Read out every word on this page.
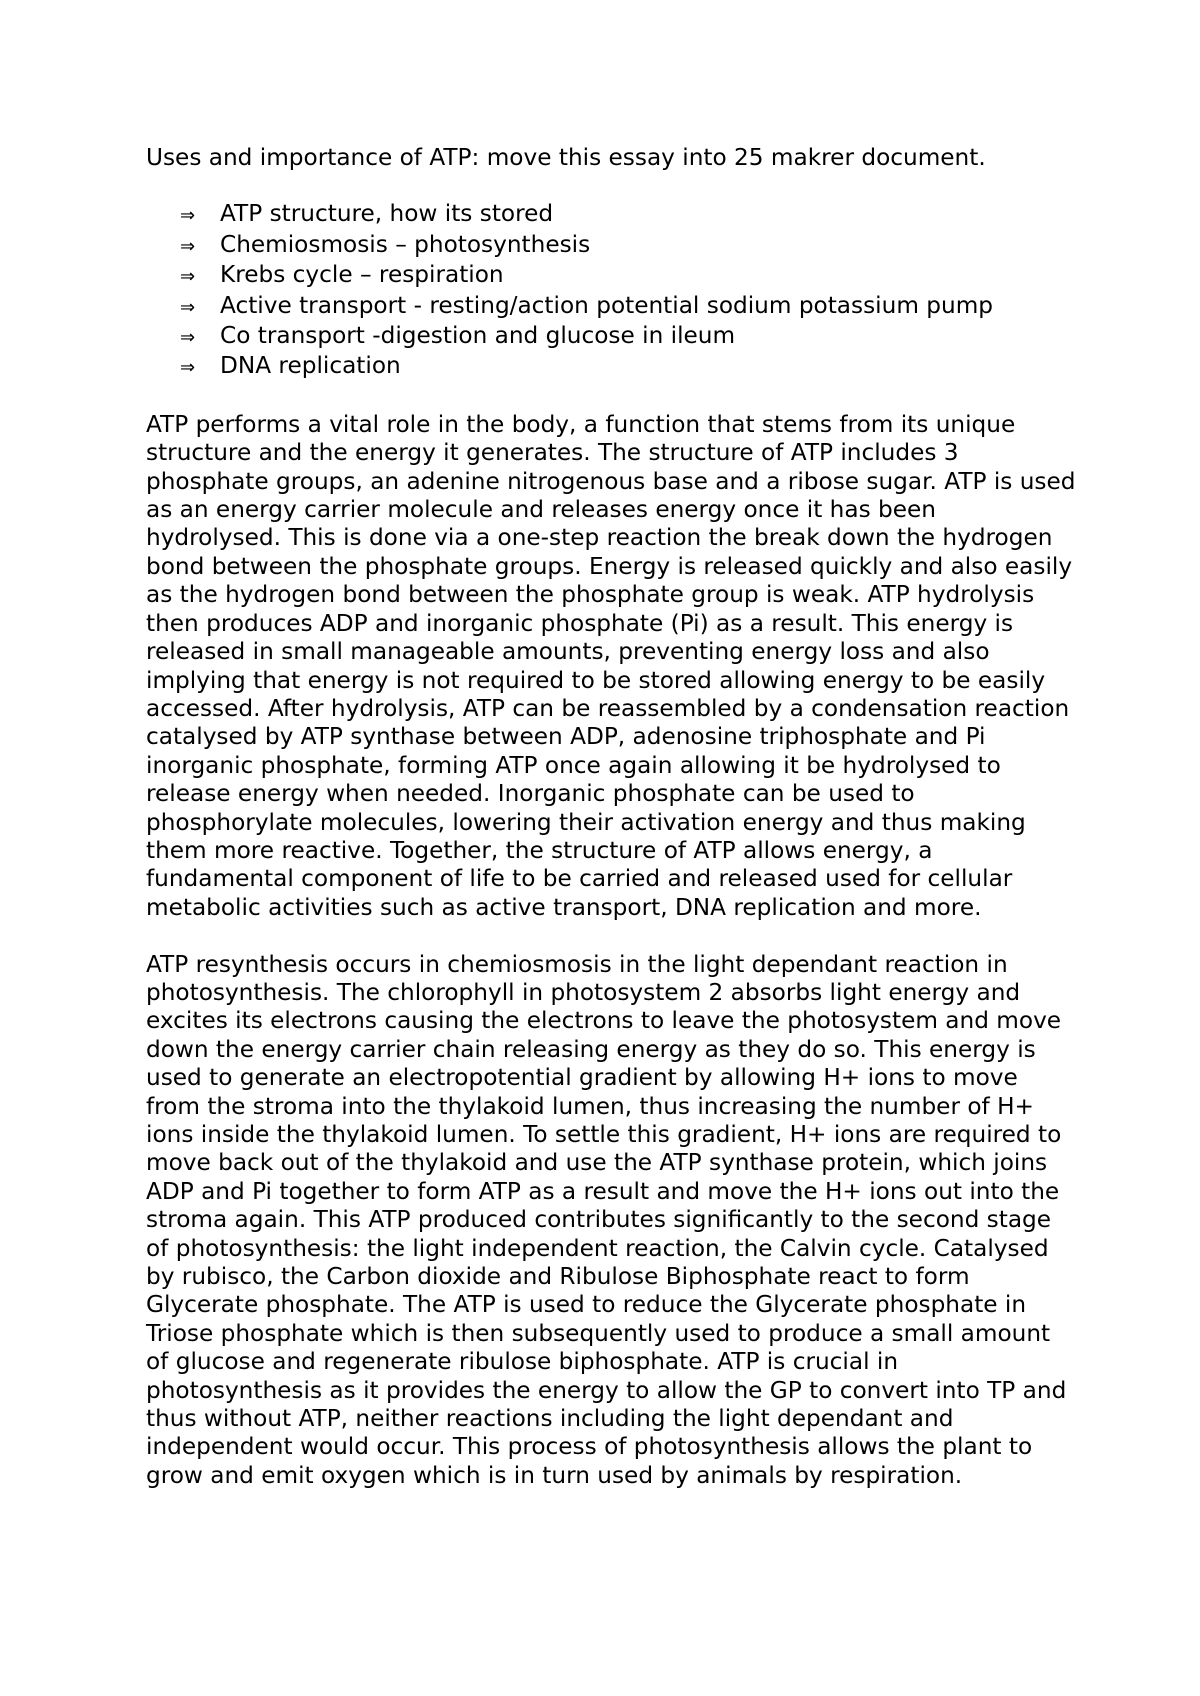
Uses and importance of ATP: move this essay into 25 makrer document.
⇒	ATP structure, how its stored
⇒	Chemiosmosis – photosynthesis
⇒	Krebs cycle – respiration
⇒	Active transport - resting/action potential sodium potassium pump
⇒	Co transport -digestion and glucose in ileum
⇒	DNA replication

ATP performs a vital role in the body, a function that stems from its unique structure and the energy it generates. The structure of ATP includes 3 phosphate groups, an adenine nitrogenous base and a ribose sugar. ATP is used as an energy carrier molecule and releases energy once it has been hydrolysed. This is done via a one-step reaction the break down the hydrogen bond between the phosphate groups. Energy is released quickly and also easily as the hydrogen bond between the phosphate group is weak. ATP hydrolysis then produces ADP and inorganic phosphate (Pi) as a result. This energy is released in small manageable amounts, preventing energy loss and also implying that energy is not required to be stored allowing energy to be easily accessed. After hydrolysis, ATP can be reassembled by a condensation reaction catalysed by ATP synthase between ADP, adenosine triphosphate and Pi inorganic phosphate, forming ATP once again allowing it be hydrolysed to release energy when needed. Inorganic phosphate can be used to phosphorylate molecules, lowering their activation energy and thus making them more reactive. Together, the structure of ATP allows energy, a fundamental component of life to be carried and released used for cellular metabolic activities such as active transport, DNA replication and more.

ATP resynthesis occurs in chemiosmosis in the light dependant reaction in photosynthesis. The chlorophyll in photosystem 2 absorbs light energy and excites its electrons causing the electrons to leave the photosystem and move down the energy carrier chain releasing energy as they do so. This energy is used to generate an electropotential gradient by allowing H+ ions to move from the stroma into the thylakoid lumen, thus increasing the number of H+ ions inside the thylakoid lumen. To settle this gradient, H+ ions are required to move back out of the thylakoid and use the ATP synthase protein, which joins ADP and Pi together to form ATP as a result and move the H+ ions out into the stroma again. This ATP produced contributes significantly to the second stage of photosynthesis: the light independent reaction, the Calvin cycle. Catalysed by rubisco, the Carbon dioxide and Ribulose Biphosphate react to form Glycerate phosphate. The ATP is used to reduce the Glycerate phosphate in Triose phosphate which is then subsequently used to produce a small amount of glucose and regenerate ribulose biphosphate. ATP is crucial in photosynthesis as it provides the energy to allow the GP to convert into TP and thus without ATP, neither reactions including the light dependant and independent would occur. This process of photosynthesis allows the plant to grow and emit oxygen which is in turn used by animals by respiration.
